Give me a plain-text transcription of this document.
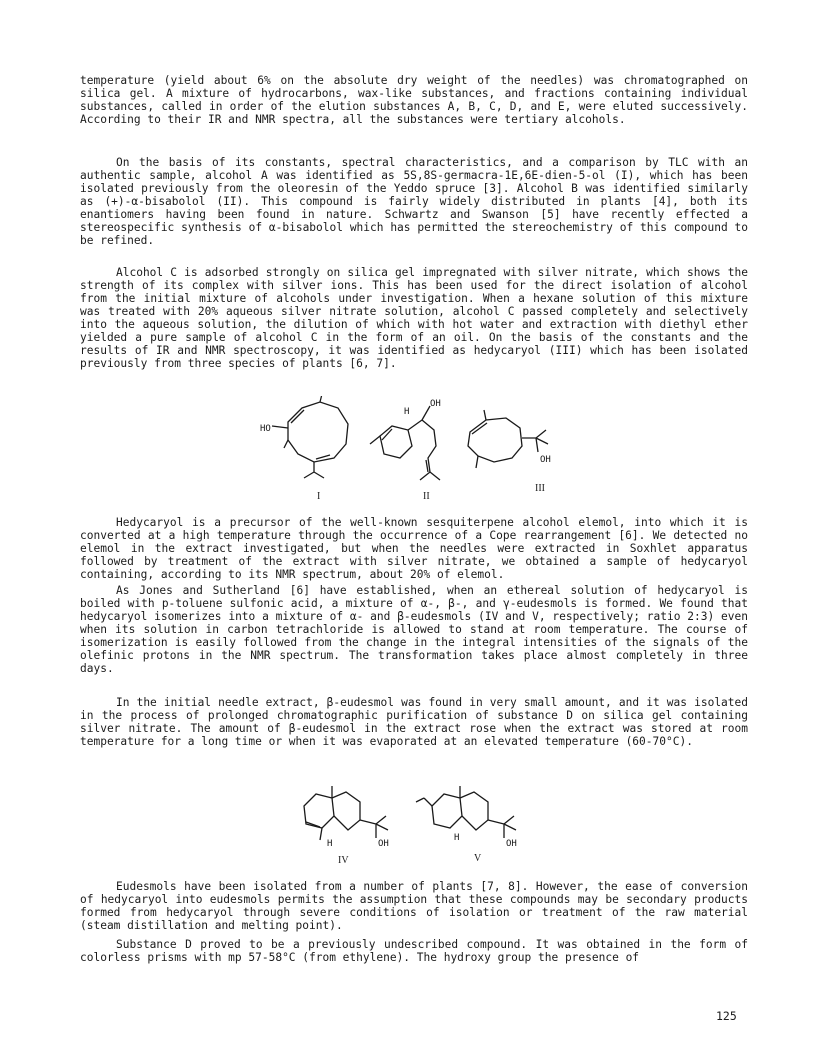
temperature (yield about 6% on the absolute dry weight of the needles) was chromatographed on silica gel. A mixture of hydrocarbons, wax-like substances, and fractions containing individual substances, called in order of the elution substances A, B, C, D, and E, were eluted successively. According to their IR and NMR spectra, all the substances were tertiary alcohols.

On the basis of its constants, spectral characteristics, and a comparison by TLC with an authentic sample, alcohol A was identified as 5S,8S-germacra-1E,6E-dien-5-ol (I), which has been isolated previously from the oleoresin of the Yeddo spruce [3]. Alcohol B was identified similarly as (+)-α-bisabolol (II). This compound is fairly widely distributed in plants [4], both its enantiomers having been found in nature. Schwartz and Swanson [5] have recently effected a stereospecific synthesis of α-bisabolol which has permitted the stereochemistry of this compound to be refined.

Alcohol C is adsorbed strongly on silica gel impregnated with silver nitrate, which shows the strength of its complex with silver ions. This has been used for the direct isolation of alcohol from the initial mixture of alcohols under investigation. When a hexane solution of this mixture was treated with 20% aqueous silver nitrate solution, alcohol C passed completely and selectively into the aqueous solution, the dilution of which with hot water and extraction with diethyl ether yielded a pure sample of alcohol C in the form of an oil. On the basis of the constants and the results of IR and NMR spectroscopy, it was identified as hedycaryol (III) which has been isolated previously from three species of plants [6, 7].

HO
H
OH
OH
I	II
III

Hedycaryol is a precursor of the well-known sesquiterpene alcohol elemol, into which it is converted at a high temperature through the occurrence of a Cope rearrangement [6]. We detected no elemol in the extract investigated, but when the needles were extracted in Soxhlet apparatus followed by treatment of the extract with silver nitrate, we obtained a sample of hedycaryol containing, according to its NMR spectrum, about 20% of elemol.

As Jones and Sutherland [6] have established, when an ethereal solution of hedycaryol is boiled with p-toluene sulfonic acid, a mixture of α-, β-, and γ-eudesmols is formed. We found that hedycaryol isomerizes into a mixture of α- and β-eudesmols (IV and V, respectively; ratio 2:3) even when its solution in carbon tetrachloride is allowed to stand at room temperature. The course of isomerization is easily followed from the change in the integral intensities of the signals of the olefinic protons in the NMR spectrum. The transformation takes place almost completely in three days.

In the initial needle extract, β-eudesmol was found in very small amount, and it was isolated in the process of prolonged chromatographic purification of substance D on silica gel containing silver nitrate. The amount of β-eudesmol in the extract rose when the extract was stored at room temperature for a long time or when it was evaporated at an elevated temperature (60-70°C).

H	OH
H
OH
IV	V

Eudesmols have been isolated from a number of plants [7, 8]. However, the ease of conversion of hedycaryol into eudesmols permits the assumption that these compounds may be secondary products formed from hedycaryol through severe conditions of isolation or treatment of the raw material (steam distillation and melting point).

Substance D proved to be a previously undescribed compound. It was obtained in the form of colorless prisms with mp 57-58°C (from ethylene). The hydroxy group the presence of

125
